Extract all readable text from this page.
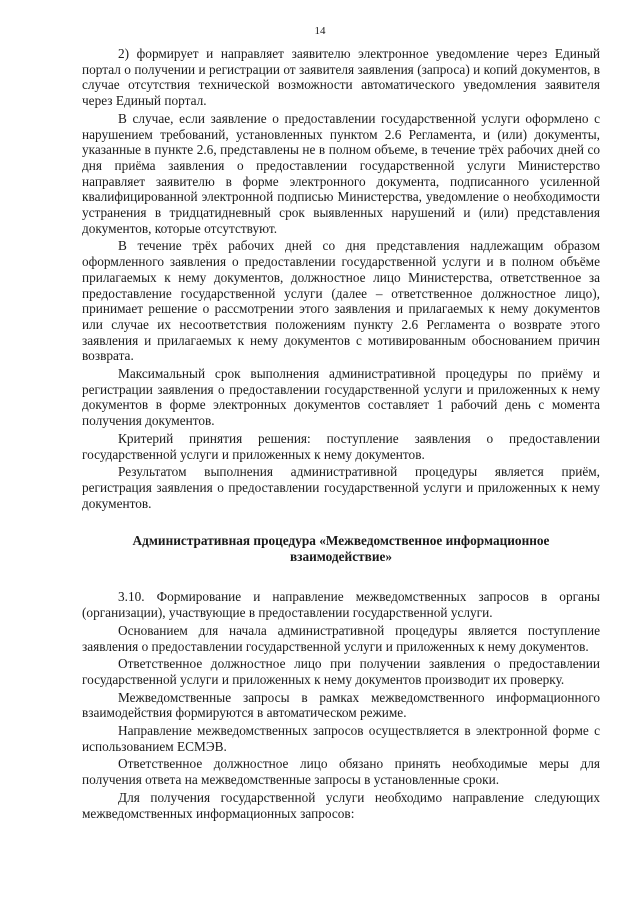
14

2) формирует и направляет заявителю электронное уведомление через Единый портал о получении и регистрации от заявителя заявления (запроса) и копий документов, в случае отсутствия технической возможности автоматического уведомления заявителя через Единый портал.

В случае, если заявление о предоставлении государственной услуги оформлено с нарушением требований, установленных пунктом 2.6 Регламента, и (или) документы, указанные в пункте 2.6, представлены не в полном объеме, в течение трёх рабочих дней со дня приёма заявления о предоставлении государственной услуги Министерство направляет заявителю в форме электронного документа, подписанного усиленной квалифицированной электронной подписью Министерства, уведомление о необходимости устранения в тридцатидневный срок выявленных нарушений и (или) представления документов, которые отсутствуют.

В течение трёх рабочих дней со дня представления надлежащим образом оформленного заявления о предоставлении государственной услуги и в полном объёме прилагаемых к нему документов, должностное лицо Министерства, ответственное за предоставление государственной услуги (далее – ответственное должностное лицо), принимает решение о рассмотрении этого заявления и прилагаемых к нему документов или случае их несоответствия положениям пункту 2.6 Регламента о возврате этого заявления и прилагаемых к нему документов с мотивированным обоснованием причин возврата.

Максимальный срок выполнения административной процедуры по приёму и регистрации заявления о предоставлении государственной услуги и приложенных к нему документов в форме электронных документов составляет 1 рабочий день с момента получения документов.

Критерий принятия решения: поступление заявления о предоставлении государственной услуги и приложенных к нему документов.

Результатом выполнения административной процедуры является приём, регистрация заявления о предоставлении государственной услуги и приложенных к нему документов.

Административная процедура «Межведомственное информационное взаимодействие»

3.10. Формирование и направление межведомственных запросов в органы (организации), участвующие в предоставлении государственной услуги.

Основанием для начала административной процедуры является поступление заявления о предоставлении государственной услуги и приложенных к нему документов.

Ответственное должностное лицо при получении заявления о предоставлении государственной услуги и приложенных к нему документов производит их проверку.

Межведомственные запросы в рамках межведомственного информационного взаимодействия формируются в автоматическом режиме.

Направление межведомственных запросов осуществляется в электронной форме с использованием ЕСМЭВ.

Ответственное должностное лицо обязано принять необходимые меры для получения ответа на межведомственные запросы в установленные сроки.

Для получения государственной услуги необходимо направление следующих межведомственных информационных запросов:
